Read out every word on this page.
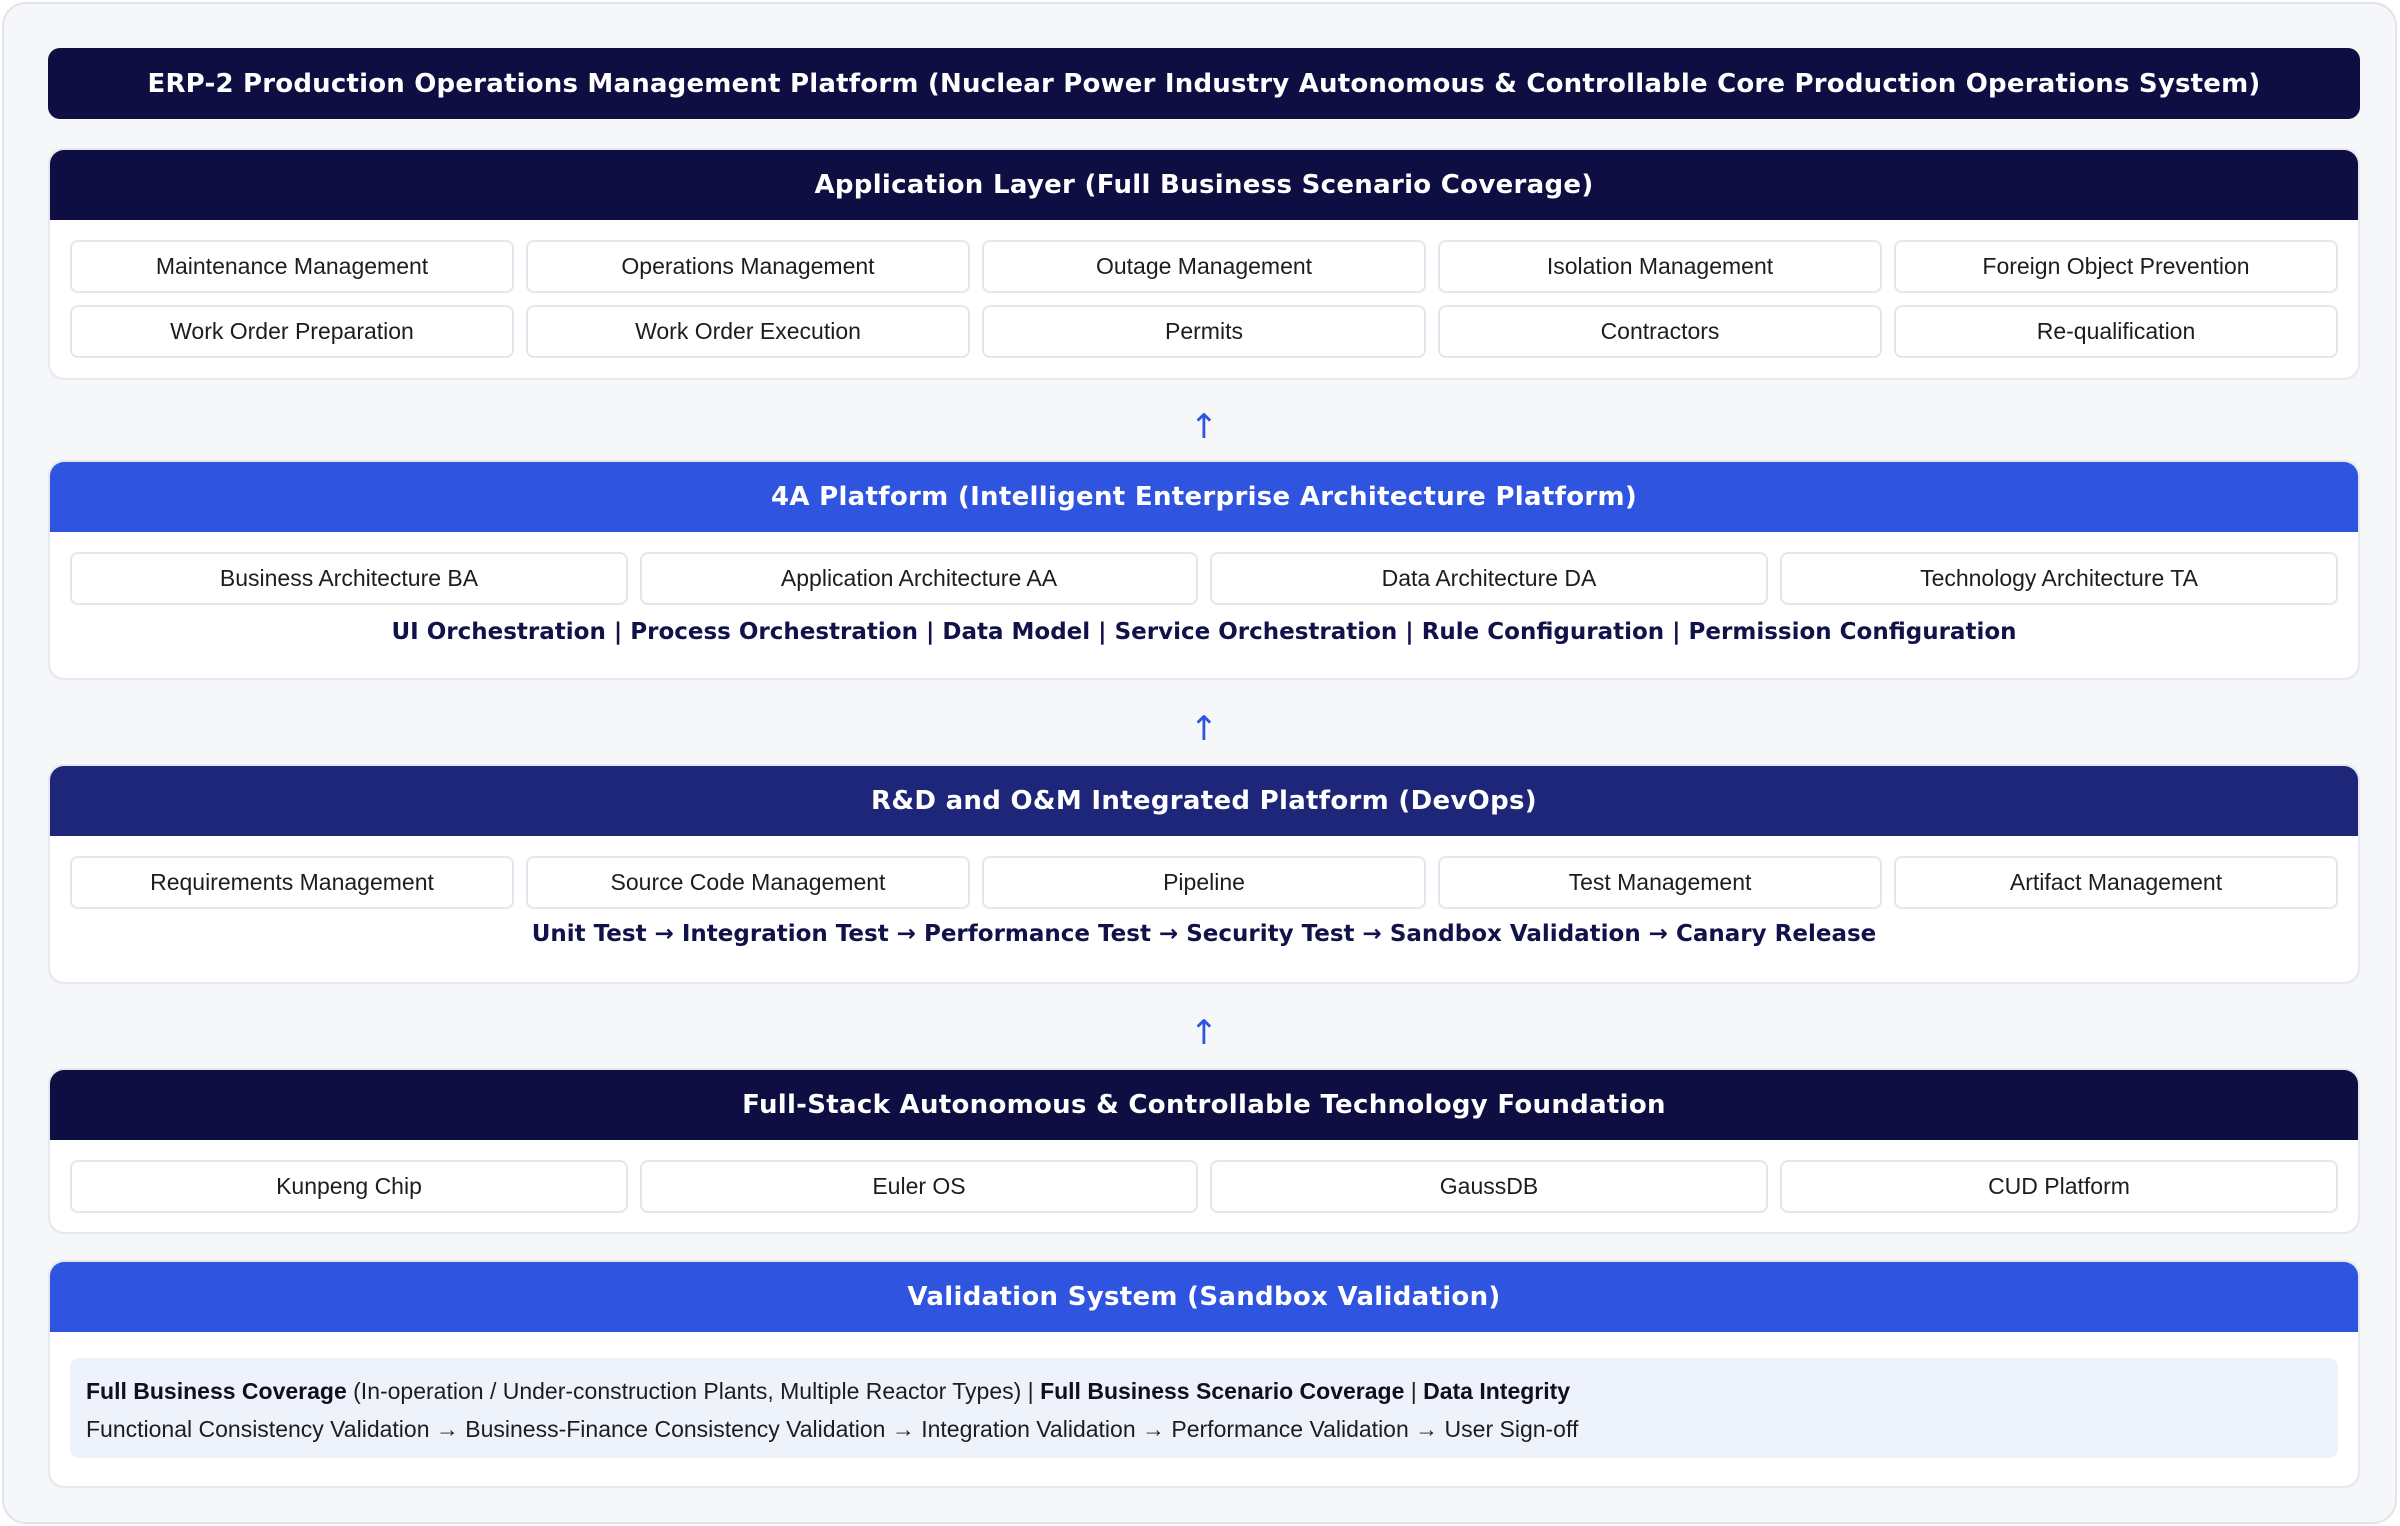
ERP-2 Production Operations Management Platform (Nuclear Power Industry Autonomous & Controllable Core Production Operations System)
Application Layer (Full Business Scenario Coverage)
Maintenance Management	Operations Management	Outage Management	Isolation Management	Foreign Object Prevention
Work Order Preparation	Work Order Execution	Permits	Contractors	Re-qualification
↑
4A Platform (Intelligent Enterprise Architecture Platform)
Business Architecture BA	Application Architecture AA	Data Architecture DA	Technology Architecture TA
UI Orchestration | Process Orchestration | Data Model | Service Orchestration | Rule Configuration | Permission Configuration
↑
R&D and O&M Integrated Platform (DevOps)
Requirements Management	Source Code Management	Pipeline	Test Management	Artifact Management
Unit Test → Integration Test → Performance Test → Security Test → Sandbox Validation → Canary Release
↑
Full-Stack Autonomous & Controllable Technology Foundation
Kunpeng Chip	Euler OS	GaussDB	CUD Platform
Validation System (Sandbox Validation)
Full Business Coverage (In-operation / Under-construction Plants, Multiple Reactor Types) | Full Business Scenario Coverage | Data Integrity
Functional Consistency Validation → Business-Finance Consistency Validation → Integration Validation → Performance Validation → User Sign-off
